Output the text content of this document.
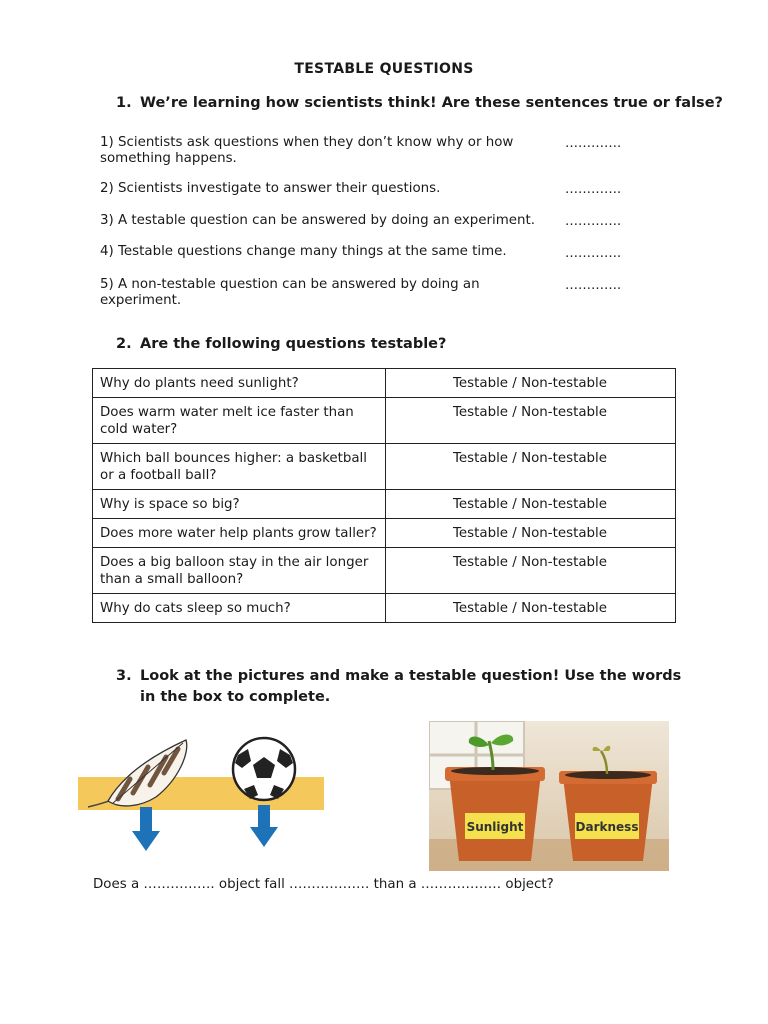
TESTABLE QUESTIONS
1. We’re learning how scientists think! Are these sentences true or false?
1) Scientists ask questions when they don’t know why or how something happens.
………….
2) Scientists investigate to answer their questions.	………….
3) A testable question can be answered by doing an experiment.	………….
4) Testable questions change many things at the same time.	………….
5) A non-testable question can be answered by doing an experiment.
………….
2. Are the following questions testable?
Why do plants need sunlight?	Testable / Non-testable
Does warm water melt ice faster than cold water?	Testable / Non-testable
Which ball bounces higher: a basketball or a football ball?	Testable / Non-testable
Why is space so big?	Testable / Non-testable
Does more water help plants grow taller?	Testable / Non-testable
Does a big balloon stay in the air longer than a small balloon?	Testable / Non-testable
Why do cats sleep so much?	Testable / Non-testable
3. Look at the pictures and make a testable question! Use the words
in the box to complete.
Sunlight	Darkness
Does a ……………. object fall ……………… than a ……………… object?
